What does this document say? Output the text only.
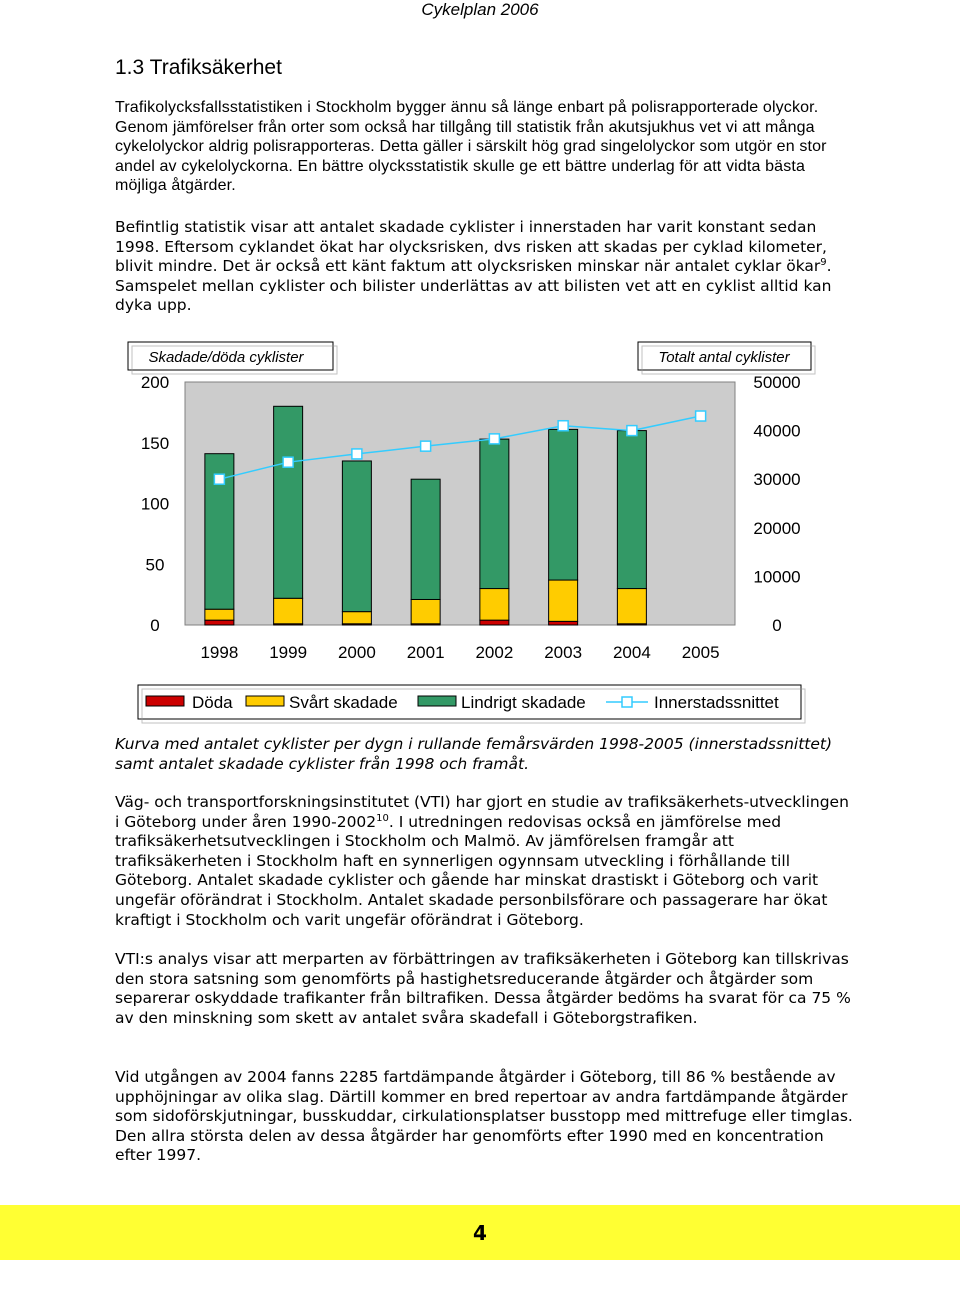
Cykelplan 2006
1.3 Trafiksäkerhet

Trafikolycksfallsstatistiken i Stockholm bygger ännu så länge enbart på polisrapporterade olyckor. Genom jämförelser från orter som också har tillgång till statistik från akutsjukhus vet vi att många cykelolyckor aldrig polisrapporteras. Detta gäller i särskilt hög grad singelolyckor som utgör en stor andel av cykelolyckorna. En bättre olycksstatistik skulle ge ett bättre underlag för att vidta bästa möjliga åtgärder.

Befintlig statistik visar att antalet skadade cyklister i innerstaden har varit konstant sedan 1998. Eftersom cyklandet ökat har olycksrisken, dvs risken att skadas per cyklad kilometer, blivit mindre. Det är också ett känt faktum att olycksrisken minskar när antalet cyklar ökar$^9$. Samspelet mellan cyklister och bilister underlättas av att bilisten vet att en cyklist alltid kan dyka upp.

Skadade/döda cyklister	Totalt antal cyklister
200
150
100
50
0
50000
40000
30000
20000
10000
0
1998 1999 2000 2001 2002 2003 2004 2005
Döda	Svårt skadade	Lindrigt skadade	Innerstadssnittet

Kurva med antalet cyklister per dygn i rullande femårsvärden 1998-2005 (innerstadssnittet) samt antalet skadade cyklister från 1998 och framåt.

Väg- och transportforskningsinstitutet (VTI) har gjort en studie av trafiksäkerhets-utvecklingen i Göteborg under åren 1990-2002$^{10}$. I utredningen redovisas också en jämförelse med trafiksäkerhetsutvecklingen i Stockholm och Malmö. Av jämförelsen framgår att trafiksäkerheten i Stockholm haft en synnerligen ogynnsam utveckling i förhållande till Göteborg. Antalet skadade cyklister och gående har minskat drastiskt i Göteborg och varit ungefär oförändrat i Stockholm. Antalet skadade personbilsförare och passagerare har ökat kraftigt i Stockholm och varit ungefär oförändrat i Göteborg.

VTI:s analys visar att merparten av förbättringen av trafiksäkerheten i Göteborg kan tillskrivas den stora satsning som genomförts på hastighetsreducerande åtgärder och åtgärder som separerar oskyddade trafikanter från biltrafiken. Dessa åtgärder bedöms ha svarat för ca 75 % av den minskning som skett av antalet svåra skadefall i Göteborgstrafiken.

Vid utgången av 2004 fanns 2285 fartdämpande åtgärder i Göteborg, till 86 % bestående av upphöjningar av olika slag. Därtill kommer en bred repertoar av andra fartdämpande åtgärder som sidoförskjutningar, busskuddar, cirkulationsplatser busstopp med mittrefuge eller timglas. Den allra största delen av dessa åtgärder har genomförts efter 1990 med en koncentration efter 1997.

4
